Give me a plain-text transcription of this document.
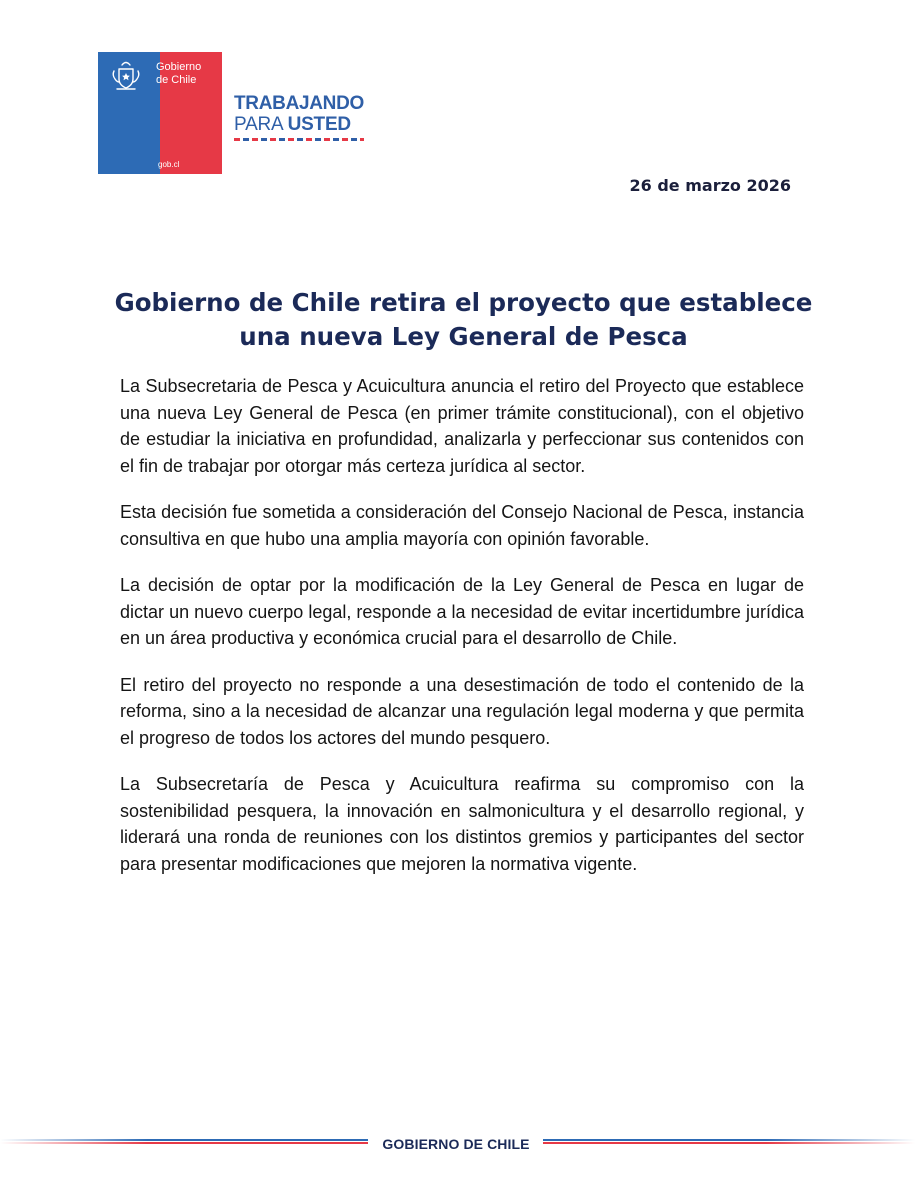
Gobierno
de Chile
gob.cl
TRABAJANDO
PARA USTED
26 de marzo 2026
Gobierno de Chile retira el proyecto que establece una nueva Ley General de Pesca

La Subsecretaria de Pesca y Acuicultura anuncia el retiro del Proyecto que establece una nueva Ley General de Pesca (en primer trámite constitucional), con el objetivo de estudiar la iniciativa en profundidad, analizarla y perfeccionar sus contenidos con el fin de trabajar por otorgar más certeza jurídica al sector.

Esta decisión fue sometida a consideración del Consejo Nacional de Pesca, instancia consultiva en que hubo una amplia mayoría con opinión favorable.

La decisión de optar por la modificación de la Ley General de Pesca en lugar de dictar un nuevo cuerpo legal, responde a la necesidad de evitar incertidumbre jurídica en un área productiva y económica crucial para el desarrollo de Chile.

El retiro del proyecto no responde a una desestimación de todo el contenido de la reforma, sino a la necesidad de alcanzar una regulación legal moderna y que permita el progreso de todos los actores del mundo pesquero.

La Subsecretaría de Pesca y Acuicultura reafirma su compromiso con la sostenibilidad pesquera, la innovación en salmonicultura y el desarrollo regional, y liderará una ronda de reuniones con los distintos gremios y participantes del sector para presentar modificaciones que mejoren la normativa vigente.

GOBIERNO DE CHILE
